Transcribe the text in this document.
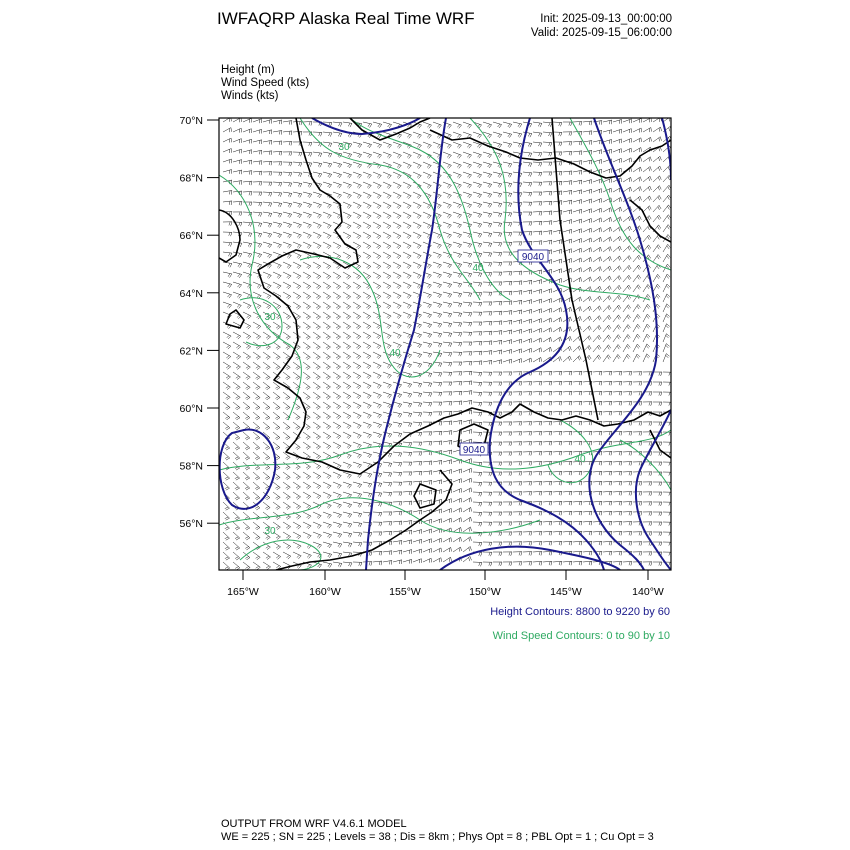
IWFAQRP Alaska Real Time WRF	Init: 2025-09-13_00:00:00
Valid: 2025-09-15_06:00:00
Height (m)
Wind Speed (kts)
Winds (kts)
9040
9040
40
30
40
30
40
30
70°N
68°N
66°N
64°N
62°N
60°N
58°N
56°N
165°W	160°W	155°W	150°W	145°W	140°W
Height Contours: 8800 to 9220 by 60
Wind Speed Contours: 0 to 90 by 10
OUTPUT FROM WRF V4.6.1 MODEL
WE = 225 ; SN = 225 ; Levels = 38 ; Dis = 8km ; Phys Opt = 8 ; PBL Opt = 1 ; Cu Opt = 3
